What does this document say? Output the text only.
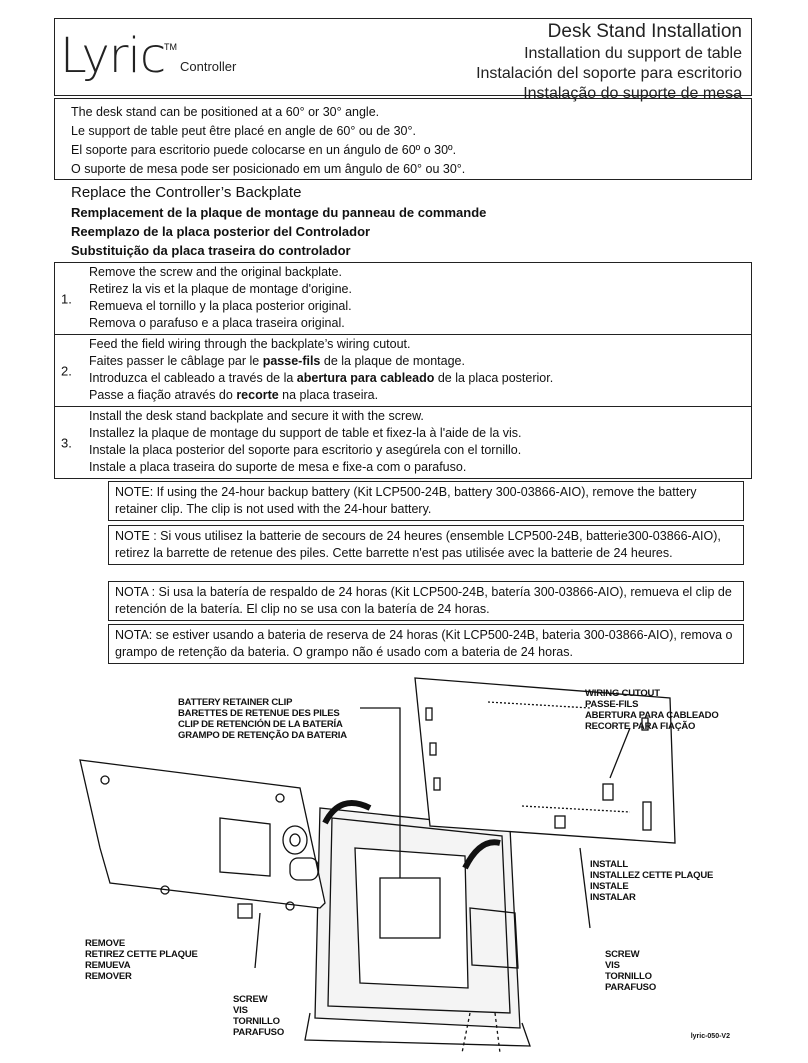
Lyric
TM
Controller
Desk Stand Installation
Installation du support de table
Instalación del soporte para escritorio
Instalação do suporte de mesa
The desk stand can be positioned at a 60° or 30° angle.
Le support de table peut être placé en angle de 60° ou de 30°.
El soporte para escritorio puede colocarse en un ángulo de 60º o 30º.
O suporte de mesa pode ser posicionado em um ângulo de 60° ou 30°.
Replace the Controller’s Backplate
Remplacement de la plaque de montage du panneau de commande
Reemplazo de la placa posterior del Controlador
Substituição da placa traseira do controlador
1.
Remove the screw and the original backplate.
Retirez la vis et la plaque de montage d'origine.
Remueva el tornillo y la placa posterior original.
Remova o parafuso e a placa traseira original.
2.
Feed the field wiring through the backplate’s wiring cutout.
Faites passer le câblage par le passe-fils de la plaque de montage.
Introduzca el cableado a través de la abertura para cableado de la placa posterior.
Passe a fiação através do recorte na placa traseira.
3.
Install the desk stand backplate and secure it with the screw.
Installez la plaque de montage du support de table et fixez-la à l'aide de la vis.
Instale la placa posterior del soporte para escritorio y asegúrela con el tornillo.
Instale a placa traseira do suporte de mesa e fixe-a com o parafuso.
NOTE: If using the 24-hour backup battery (Kit LCP500-24B, battery 300-03866-AIO), remove the battery retainer clip. The clip is not used with the 24-hour battery.
NOTE : Si vous utilisez la batterie de secours de 24 heures (ensemble LCP500-24B, batterie300-03866-AIO), retirez la barrette de retenue des piles. Cette barrette n'est pas utilisée avec la batterie de 24 heures.
NOTA : Si usa la batería de respaldo de 24 horas (Kit LCP500-24B, batería 300-03866-AIO), remueva el clip de retención de la batería. El clip no se usa con la batería de 24 horas.
NOTA: se estiver usando a bateria de reserva de 24 horas (Kit LCP500-24B, bateria 300-03866-AIO), remova o grampo de retenção da bateria. O grampo não é usado com a bateria de 24 horas.
BATTERY RETAINER CLIP
BARETTES DE RETENUE DES PILES
CLIP DE RETENCIÓN DE LA BATERÍA
GRAMPO DE RETENÇÃO DA BATERIA
WIRING CUTOUT
PASSE-FILS
ABERTURA PARA CABLEADO
RECORTE PARA FIAÇÃO
INSTALL
INSTALLEZ CETTE PLAQUE
INSTALE
INSTALAR
REMOVE
RETIREZ CETTE PLAQUE
REMUEVA
REMOVER
SCREW
VIS
TORNILLO
PARAFUSO
SCREW
VIS
TORNILLO
PARAFUSO	lyric-050-V2
